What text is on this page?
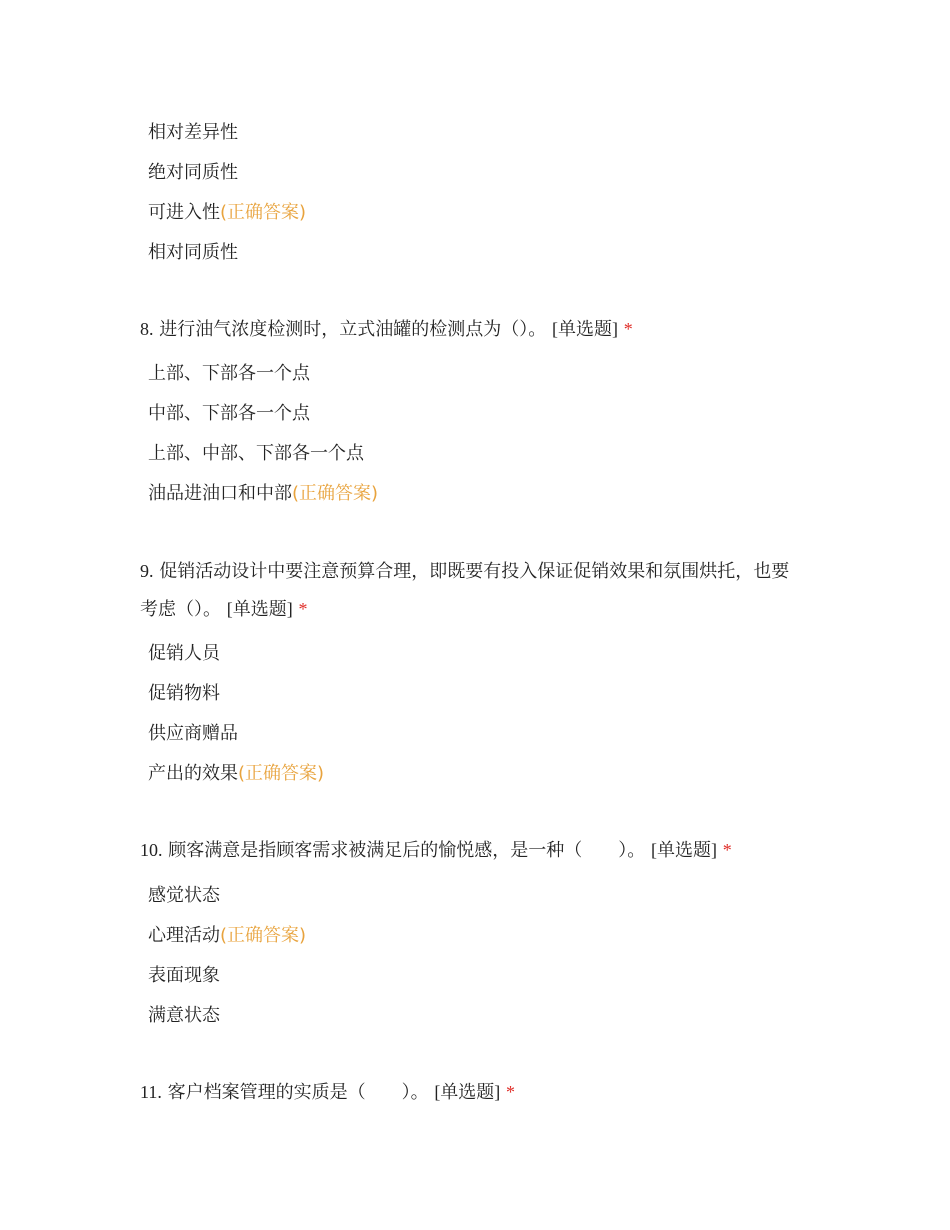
相对差异性
绝对同质性
可进入性(正确答案)
相对同质性
8. 进行油气浓度检测时，立式油罐的检测点为（）。 [单选题] *
上部、下部各一个点
中部、下部各一个点
上部、中部、下部各一个点
油品进油口和中部(正确答案)
9. 促销活动设计中要注意预算合理，即既要有投入保证促销效果和氛围烘托，也要
考虑（）。 [单选题] *
促销人员
促销物料
供应商赠品
产出的效果(正确答案)
10. 顾客满意是指顾客需求被满足后的愉悦感，是一种（　　）。 [单选题] *
感觉状态
心理活动(正确答案)
表面现象
满意状态
11. 客户档案管理的实质是（　　）。 [单选题] *
